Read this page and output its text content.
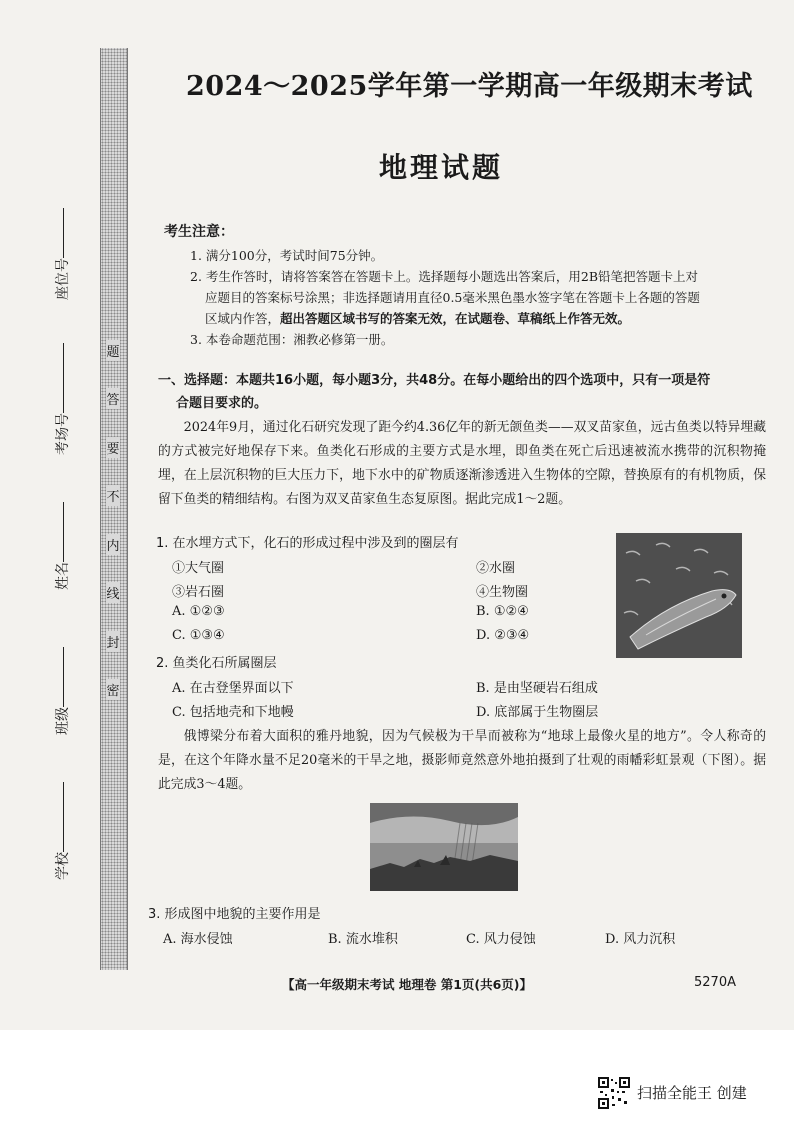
题
答
要
不
内
线
封
密
学校
班级
姓名
考场号
座位号
2024～2025学年第一学期高一年级期末考试
地理试题
考生注意：

1. 满分100分，考试时间75分钟。

2. 考生作答时，请将答案答在答题卡上。选择题每小题选出答案后，用2B铅笔把答题卡上对

应题目的答案标号涂黑；非选择题请用直径0.5毫米黑色墨水签字笔在答题卡上各题的答题

区域内作答，超出答题区域书写的答案无效，在试题卷、草稿纸上作答无效。

3. 本卷命题范围：湘教必修第一册。

一、选择题：本题共16小题，每小题3分，共48分。在每小题给出的四个选项中，只有一项是符
合题目要求的。

2024年9月，通过化石研究发现了距今约4.36亿年的新无颌鱼类——双叉苗家鱼，远古鱼类以特异埋藏的方式被完好地保存下来。鱼类化石形成的主要方式是水埋，即鱼类在死亡后迅速被流水携带的沉积物掩埋，在上层沉积物的巨大压力下，地下水中的矿物质逐渐渗透进入生物体的空隙，替换原有的有机物质，保留下鱼类的精细结构。右图为双叉苗家鱼生态复原图。据此完成1～2题。

1. 在水埋方式下，化石的形成过程中涉及到的圈层有
①大气圈	②水圈
③岩石圈	④生物圈
A. ①②③	B. ①②④
C. ①③④	D. ②③④
2. 鱼类化石所属圈层
A. 在古登堡界面以下	B. 是由坚硬岩石组成
C. 包括地壳和下地幔	D. 底部属于生物圈层

俄博梁分布着大面积的雅丹地貌，因为气候极为干旱而被称为“地球上最像火星的地方”。令人称奇的是，在这个年降水量不足20毫米的干旱之地，摄影师竟然意外地拍摄到了壮观的雨幡彩虹景观（下图）。据此完成3～4题。

3. 形成图中地貌的主要作用是
A. 海水侵蚀	B. 流水堆积	C. 风力侵蚀	D. 风力沉积
【高一年级期末考试 地理卷 第1页(共6页)】	5270A
扫描全能王 创建
